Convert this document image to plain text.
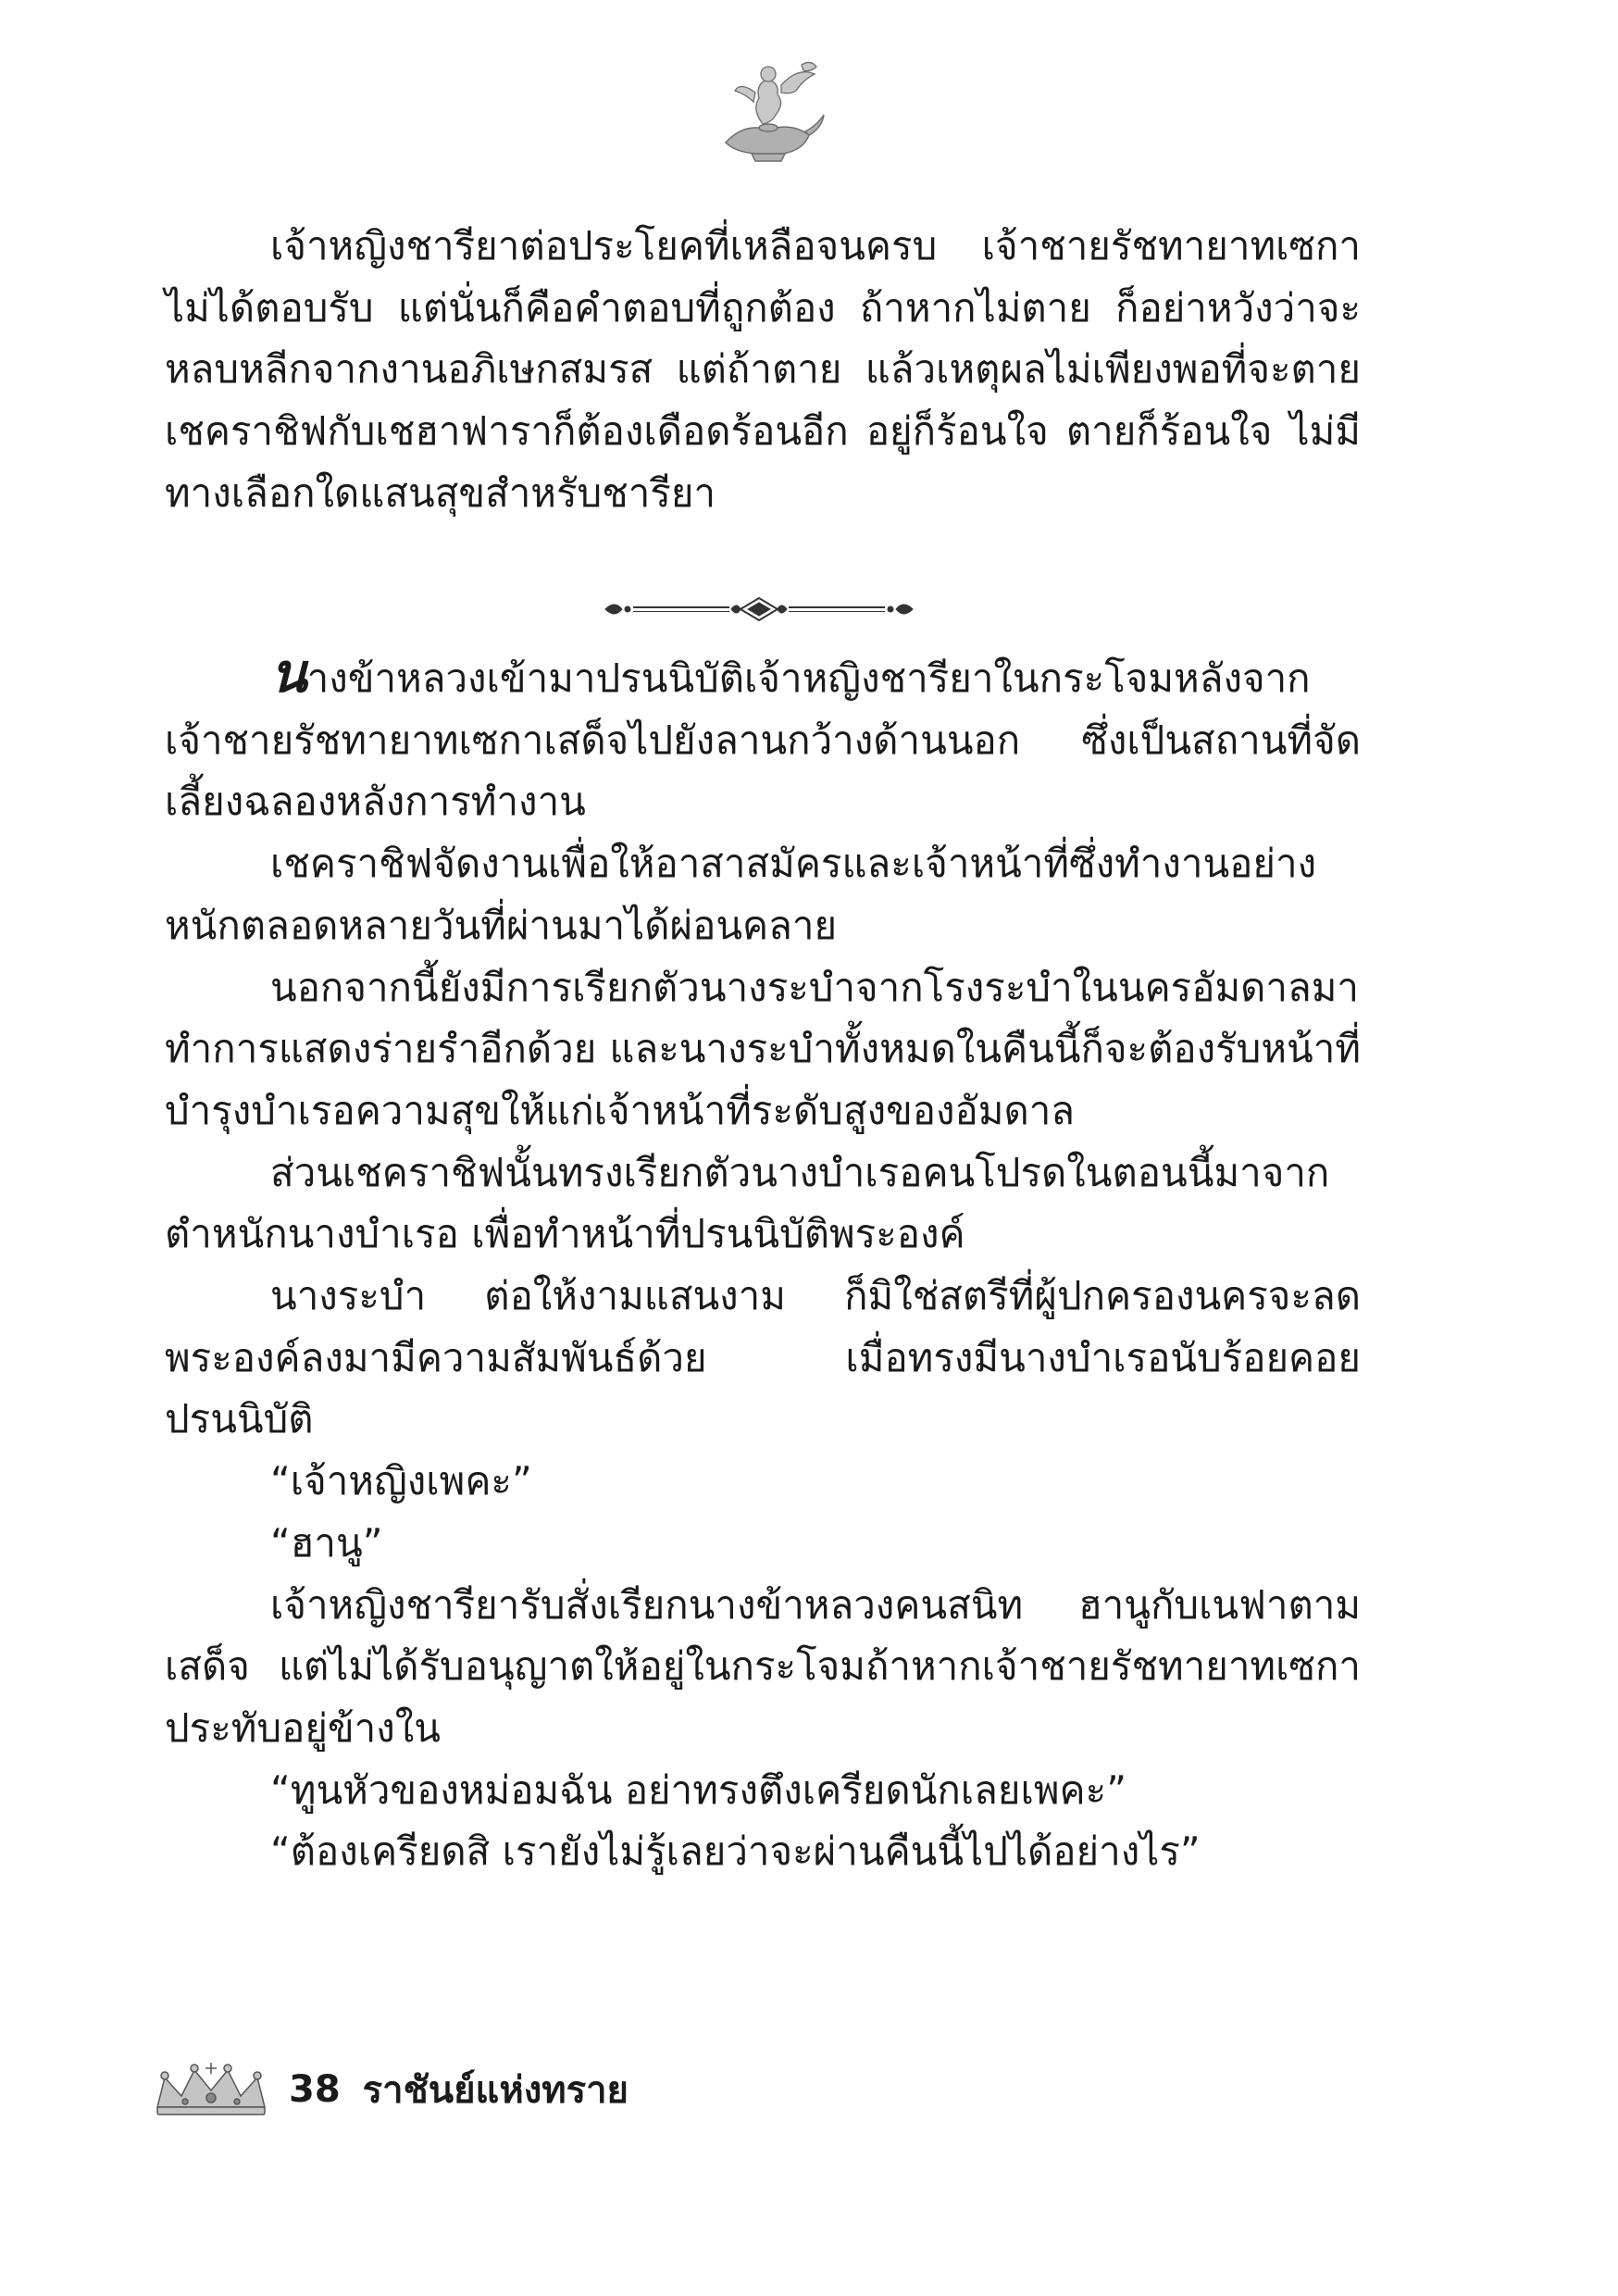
เจ้าหญิงชารียาต่อประโยคที่เหลือจนครบ เจ้าชายรัชทายาทเซกาไม่ได้ตอบรับ แต่นั่นก็คือคำตอบที่ถูกต้อง ถ้าหากไม่ตาย ก็อย่าหวังว่าจะหลบหลีกจากงานอภิเษกสมรส แต่ถ้าตาย แล้วเหตุผลไม่เพียงพอที่จะตาย เชคราชิฟกับเชฮาฟาราก็ต้องเดือดร้อนอีก อยู่ก็ร้อนใจ ตายก็ร้อนใจ ไม่มีทางเลือกใดแสนสุขสำหรับชารียา

นางข้าหลวงเข้ามาปรนนิบัติเจ้าหญิงชารียาในกระโจมหลังจากเจ้าชายรัชทายาทเซกาเสด็จไปยังลานกว้างด้านนอก ซึ่งเป็นสถานที่จัดเลี้ยงฉลองหลังการทำงาน

เชคราชิฟจัดงานเพื่อให้อาสาสมัครและเจ้าหน้าที่ซึ่งทำงานอย่างหนักตลอดหลายวันที่ผ่านมาได้ผ่อนคลาย

นอกจากนี้ยังมีการเรียกตัวนางระบำจากโรงระบำในนครอัมดาลมาทำการแสดงร่ายรำอีกด้วย และนางระบำทั้งหมดในคืนนี้ก็จะต้องรับหน้าที่บำรุงบำเรอความสุขให้แก่เจ้าหน้าที่ระดับสูงของอัมดาล

ส่วนเชคราชิฟนั้นทรงเรียกตัวนางบำเรอคนโปรดในตอนนี้มาจากตำหนักนางบำเรอ เพื่อทำหน้าที่ปรนนิบัติพระองค์

นางระบำ ต่อให้งามแสนงาม ก็มิใช่สตรีที่ผู้ปกครองนครจะลดพระองค์ลงมามีความสัมพันธ์ด้วย เมื่อทรงมีนางบำเรอนับร้อยคอยปรนนิบัติ

“เจ้าหญิงเพคะ”

“ฮานู”

เจ้าหญิงชารียารับสั่งเรียกนางข้าหลวงคนสนิท ฮานูกับเนฟาตามเสด็จ แต่ไม่ได้รับอนุญาตให้อยู่ในกระโจมถ้าหากเจ้าชายรัชทายาทเซกาประทับอยู่ข้างใน

“ทูนหัวของหม่อมฉัน อย่าทรงตึงเครียดนักเลยเพคะ”

“ต้องเครียดสิ เรายังไม่รู้เลยว่าจะผ่านคืนนี้ไปได้อย่างไร”

38 ราชันย์แห่งทราย
